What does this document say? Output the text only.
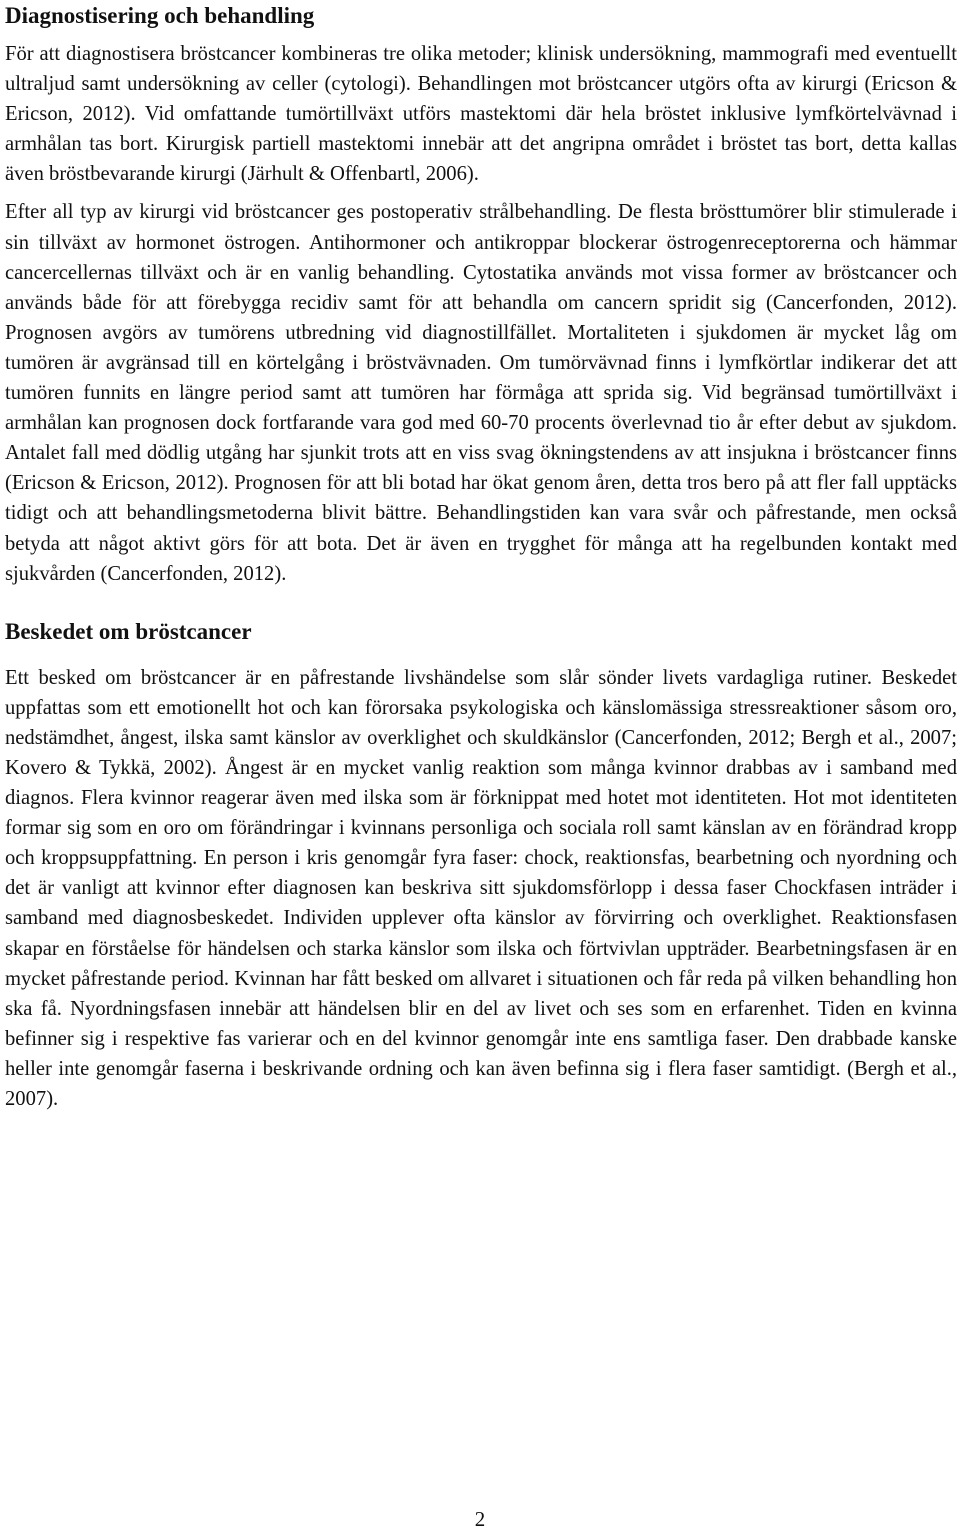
Diagnostisering och behandling

För att diagnostisera bröstcancer kombineras tre olika metoder; klinisk undersökning, mammografi med eventuellt ultraljud samt undersökning av celler (cytologi). Behandlingen mot bröstcancer utgörs ofta av kirurgi (Ericson & Ericson, 2012). Vid omfattande tumörtillväxt utförs mastektomi där hela bröstet inklusive lymfkörtelvävnad i armhålan tas bort. Kirurgisk partiell mastektomi innebär att det angripna området i bröstet tas bort, detta kallas även bröstbevarande kirurgi (Järhult & Offenbartl, 2006).

Efter all typ av kirurgi vid bröstcancer ges postoperativ strålbehandling. De flesta brösttumörer blir stimulerade i sin tillväxt av hormonet östrogen. Antihormoner och antikroppar blockerar östrogenreceptorerna och hämmar cancercellernas tillväxt och är en vanlig behandling. Cytostatika används mot vissa former av bröstcancer och används både för att förebygga recidiv samt för att behandla om cancern spridit sig (Cancerfonden, 2012). Prognosen avgörs av tumörens utbredning vid diagnostillfället. Mortaliteten i sjukdomen är mycket låg om tumören är avgränsad till en körtelgång i bröstvävnaden. Om tumörvävnad finns i lymfkörtlar indikerar det att tumören funnits en längre period samt att tumören har förmåga att sprida sig. Vid begränsad tumörtillväxt i armhålan kan prognosen dock fortfarande vara god med 60-70 procents överlevnad tio år efter debut av sjukdom. Antalet fall med dödlig utgång har sjunkit trots att en viss svag ökningstendens av att insjukna i bröstcancer finns (Ericson & Ericson, 2012). Prognosen för att bli botad har ökat genom åren, detta tros bero på att fler fall upptäcks tidigt och att behandlingsmetoderna blivit bättre. Behandlingstiden kan vara svår och påfrestande, men också betyda att något aktivt görs för att bota. Det är även en trygghet för många att ha regelbunden kontakt med sjukvården (Cancerfonden, 2012).

Beskedet om bröstcancer

Ett besked om bröstcancer är en påfrestande livshändelse som slår sönder livets vardagliga rutiner. Beskedet uppfattas som ett emotionellt hot och kan förorsaka psykologiska och känslomässiga stressreaktioner såsom oro, nedstämdhet, ångest, ilska samt känslor av overklighet och skuldkänslor (Cancerfonden, 2012; Bergh et al., 2007; Kovero & Tykkä, 2002). Ångest är en mycket vanlig reaktion som många kvinnor drabbas av i samband med diagnos. Flera kvinnor reagerar även med ilska som är förknippat med hotet mot identiteten. Hot mot identiteten formar sig som en oro om förändringar i kvinnans personliga och sociala roll samt känslan av en förändrad kropp och kroppsuppfattning. En person i kris genomgår fyra faser: chock, reaktionsfas, bearbetning och nyordning och det är vanligt att kvinnor efter diagnosen kan beskriva sitt sjukdomsförlopp i dessa faser Chockfasen inträder i samband med diagnosbeskedet. Individen upplever ofta känslor av förvirring och overklighet. Reaktionsfasen skapar en förståelse för händelsen och starka känslor som ilska och förtvivlan uppträder. Bearbetningsfasen är en mycket påfrestande period. Kvinnan har fått besked om allvaret i situationen och får reda på vilken behandling hon ska få. Nyordningsfasen innebär att händelsen blir en del av livet och ses som en erfarenhet. Tiden en kvinna befinner sig i respektive fas varierar och en del kvinnor genomgår inte ens samtliga faser. Den drabbade kanske heller inte genomgår faserna i beskrivande ordning och kan även befinna sig i flera faser samtidigt. (Bergh et al., 2007).

2
